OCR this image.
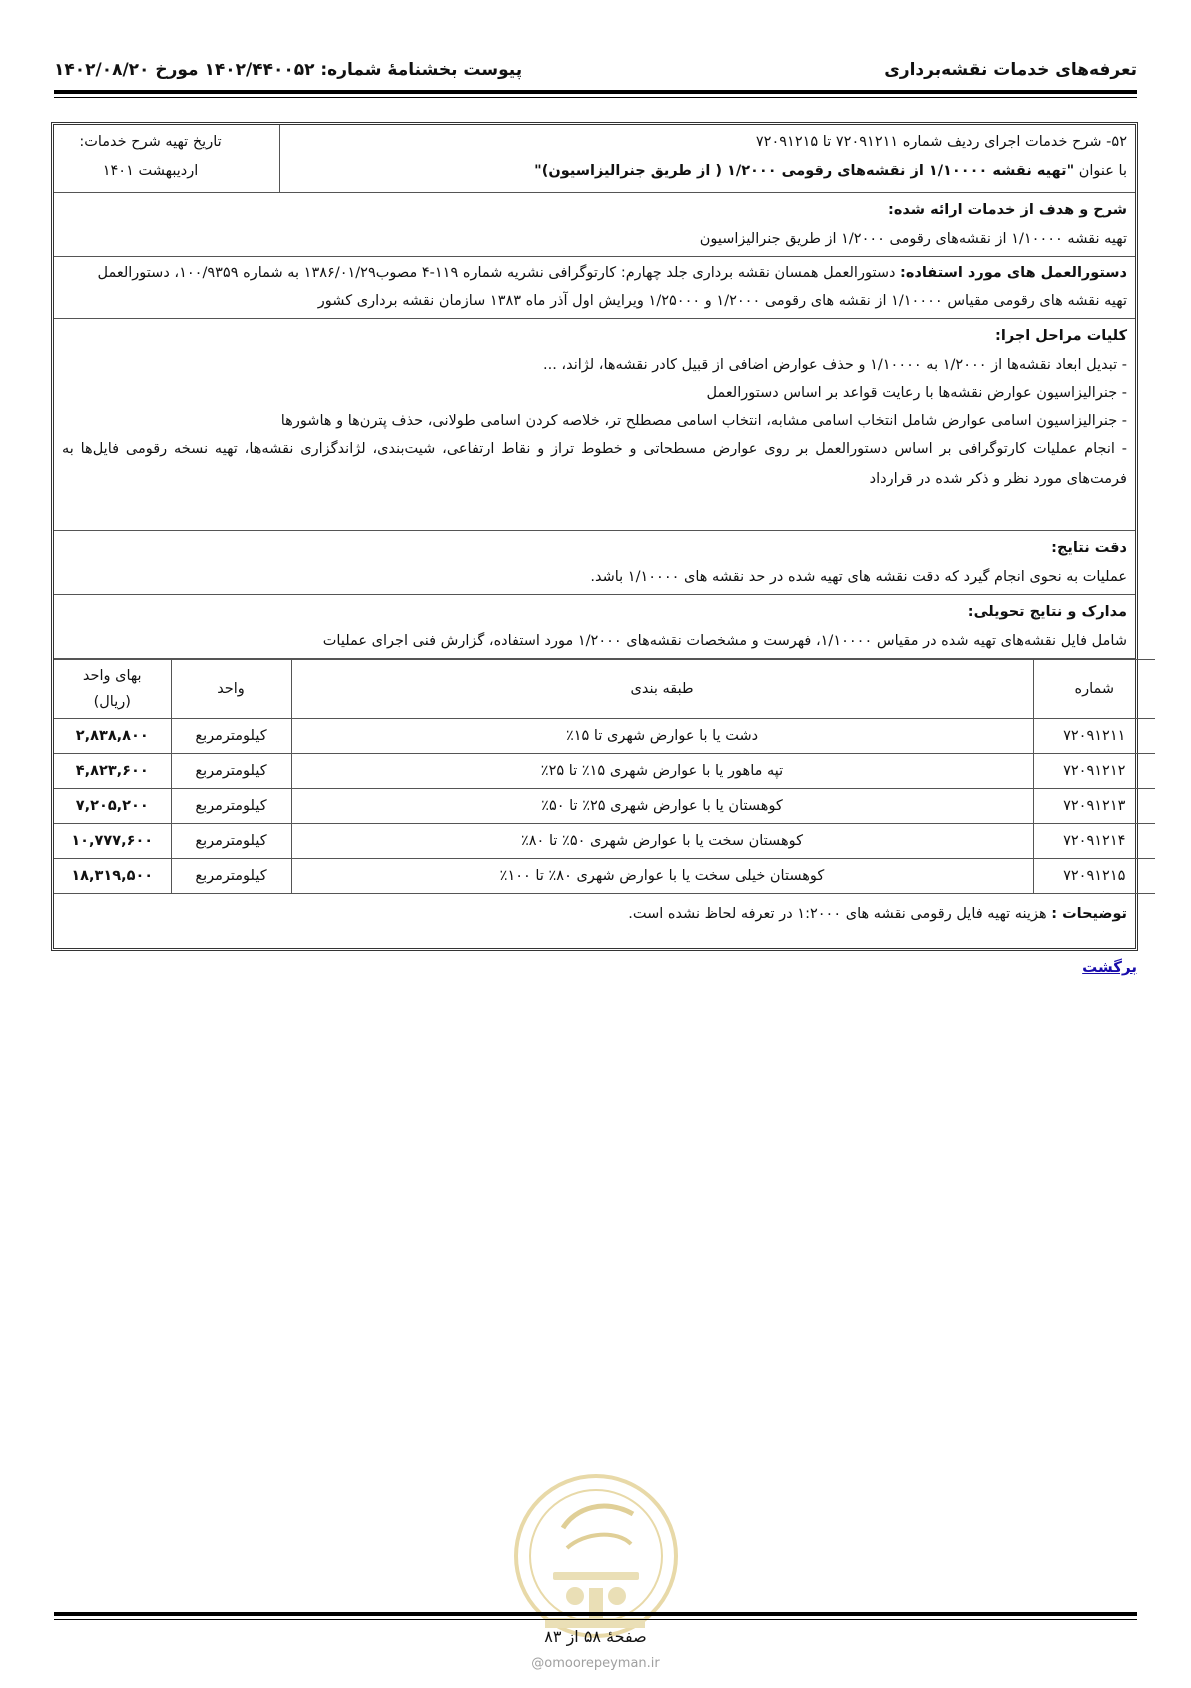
تعرفه‌های خدمات نقشه‌برداری
پیوست بخشنامهٔ شماره: ۱۴۰۲/۴۴۰۰۵۲ مورخ ۱۴۰۲/۰۸/۲۰
۵۲- شرح خدمات اجرای ردیف شماره ۷۲۰۹۱۲۱۱ تا ۷۲۰۹۱۲۱۵
با عنوان "تهیه نقشه ۱/۱۰۰۰۰ از نقشه‌های رقومی ۱/۲۰۰۰ ( از طریق جنرالیزاسیون)"
تاریخ تهیه شرح خدمات:
اردیبهشت ۱۴۰۱
شرح و هدف از خدمات ارائه شده:
تهیه نقشه ۱/۱۰۰۰۰ از نقشه‌های رقومی ۱/۲۰۰۰ از طریق جنرالیزاسیون
دستورالعمل های مورد استفاده: دستورالعمل همسان نقشه برداری جلد چهارم: کارتوگرافی نشریه شماره ۱۱۹-۴ مصوب۱۳۸۶/۰۱/۲۹ به شماره ۱۰۰/۹۳۵۹، دستورالعمل
تهیه نقشه های رقومی مقیاس ۱/۱۰۰۰۰ از نقشه های رقومی ۱/۲۰۰۰ و ۱/۲۵۰۰۰ ویرایش اول آذر ماه ۱۳۸۳ سازمان نقشه برداری کشور
کلیات مراحل اجرا:
- تبدیل ابعاد نقشه‌ها از ۱/۲۰۰۰ به ۱/۱۰۰۰۰ و حذف عوارض اضافی از قبیل کادر نقشه‌ها، لژاند، ...
- جنرالیزاسیون عوارض نقشه‌ها با رعایت قواعد بر اساس دستورالعمل
- جنرالیزاسیون اسامی عوارض شامل انتخاب اسامی مشابه، انتخاب اسامی مصطلح تر، خلاصه کردن اسامی طولانی، حذف پترن‌ها و هاشورها
- انجام عملیات کارتوگرافی بر اساس دستورالعمل بر روی عوارض مسطحاتی و خطوط تراز و نقاط ارتفاعی، شیت‌بندی، لژاندگزاری نقشه‌ها، تهیه نسخه رقومی فایل‌ها به فرمت‌های مورد نظر و ذکر شده در قرارداد
دقت نتایج:
عملیات به نحوی انجام گیرد که دقت نقشه های تهیه شده در حد نقشه های ۱/۱۰۰۰۰ باشد.
مدارک و نتایج تحویلی:
شامل فایل نقشه‌های تهیه شده در مقیاس ۱/۱۰۰۰۰، فهرست و مشخصات نقشه‌های ۱/۲۰۰۰ مورد استفاده، گزارش فنی اجرای عملیات
شماره	طبقه بندی	واحد	بهای واحد
(ریال)
۷۲۰۹۱۲۱۱	دشت یا با عوارض شهری تا ۱۵٪	کیلومترمربع	۲,۸۳۸,۸۰۰
۷۲۰۹۱۲۱۲	تپه ماهور یا با عوارض شهری ۱۵٪ تا ۲۵٪	کیلومترمربع	۴,۸۲۳,۶۰۰
۷۲۰۹۱۲۱۳	کوهستان یا با عوارض شهری ۲۵٪ تا ۵۰٪	کیلومترمربع	۷,۲۰۵,۲۰۰
۷۲۰۹۱۲۱۴	کوهستان سخت یا با عوارض شهری ۵۰٪ تا ۸۰٪	کیلومترمربع	۱۰,۷۷۷,۶۰۰
۷۲۰۹۱۲۱۵	کوهستان خیلی سخت یا با عوارض شهری ۸۰٪ تا ۱۰۰٪	کیلومترمربع	۱۸,۳۱۹,۵۰۰
توضیحات : هزینه تهیه فایل رقومی نقشه های ۱:۲۰۰۰ در تعرفه لحاظ نشده است.
برگشت
صفحهٔ ۵۸ از ۸۳
@omoorepeyman.ir
